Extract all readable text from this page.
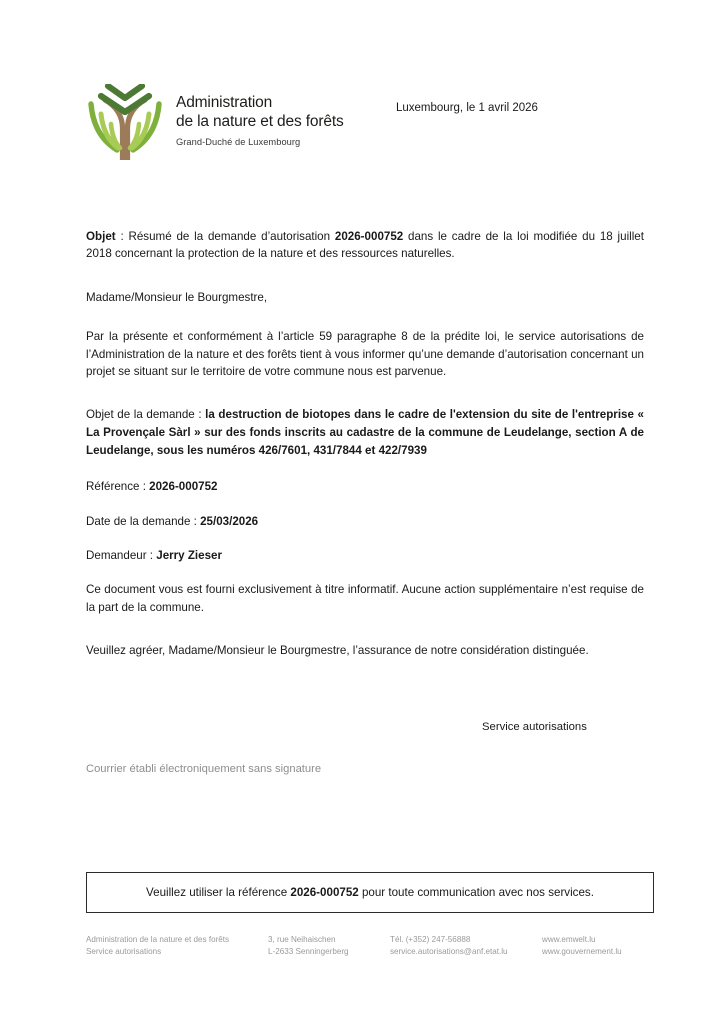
Administration
de la nature et des forêts
Grand-Duché de Luxembourg
Luxembourg, le 1 avril 2026

Objet : Résumé de la demande d’autorisation 2026-000752 dans le cadre de la loi modifiée du 18 juillet 2018 concernant la protection de la nature et des ressources naturelles.

Madame/Monsieur le Bourgmestre,

Par la présente et conformément à l’article 59 paragraphe 8 de la prédite loi, le service autorisations de l’Administration de la nature et des forêts tient à vous informer qu’une demande d’autorisation concernant un projet se situant sur le territoire de votre commune nous est parvenue.

Objet de la demande : la destruction de biotopes dans le cadre de l'extension du site de l'entreprise « La Provençale Sàrl » sur des fonds inscrits au cadastre de la commune de Leudelange, section A de Leudelange, sous les numéros 426/7601, 431/7844 et 422/7939

Référence : 2026-000752

Date de la demande : 25/03/2026

Demandeur : Jerry Zieser

Ce document vous est fourni exclusivement à titre informatif. Aucune action supplémentaire n’est requise de la part de la commune.

Veuillez agréer, Madame/Monsieur le Bourgmestre, l’assurance de notre considération distinguée.

Service autorisations
Courrier établi électroniquement sans signature
Veuillez utiliser la référence 2026-000752 pour toute communication avec nos services.
Administration de la nature et des forêts
Service autorisations
3, rue Neihaischen
L-2633 Senningerberg
Tél. (+352) 247-56888
service.autorisations@anf.etat.lu
www.emwelt.lu
www.gouvernement.lu
